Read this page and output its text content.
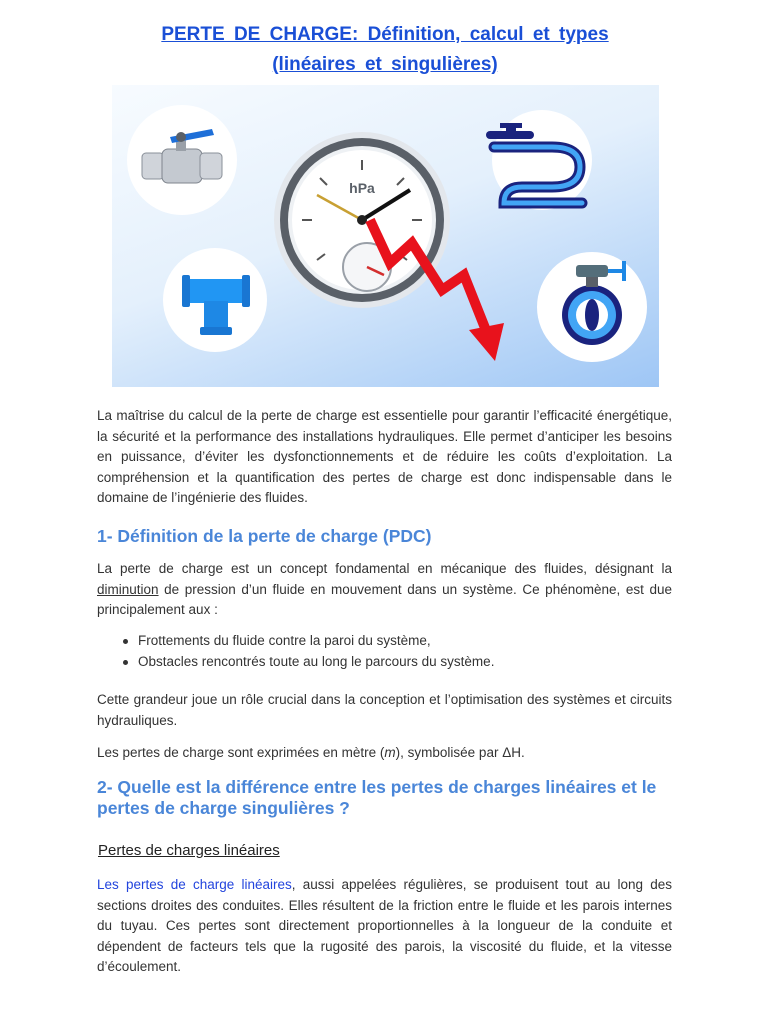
PERTE DE CHARGE: Définition, calcul et types
(linéaires et singulières)
hPa
La maîtrise du calcul de la perte de charge est essentielle pour garantir l’efficacité énergétique, la sécurité et la performance des installations hydrauliques. Elle permet d’anticiper les besoins en puissance, d’éviter les dysfonctionnements et de réduire les coûts d’exploitation. La compréhension et la quantification des pertes de charge est donc indispensable dans le domaine de l’ingénierie des fluides.
1- Définition de la perte de charge (PDC)
La perte de charge est un concept fondamental en mécanique des fluides, désignant la diminution de pression d’un fluide en mouvement dans un système. Ce phénomène, est due principalement aux :
Frottements du fluide contre la paroi du système,
Obstacles rencontrés toute au long le parcours du système.
Cette grandeur joue un rôle crucial dans la conception et l’optimisation des systèmes et circuits hydrauliques.
Les pertes de charge sont exprimées en mètre (m), symbolisée par ΔH.
2- Quelle est la différence entre les pertes de charges linéaires et le pertes de charge singulières ?
Pertes de charges linéaires
Les pertes de charge linéaires, aussi appelées régulières, se produisent tout au long des sections droites des conduites. Elles résultent de la friction entre le fluide et les parois internes du tuyau. Ces pertes sont directement proportionnelles à la longueur de la conduite et dépendent de facteurs tels que la rugosité des parois, la viscosité du fluide, et la vitesse d’écoulement.
